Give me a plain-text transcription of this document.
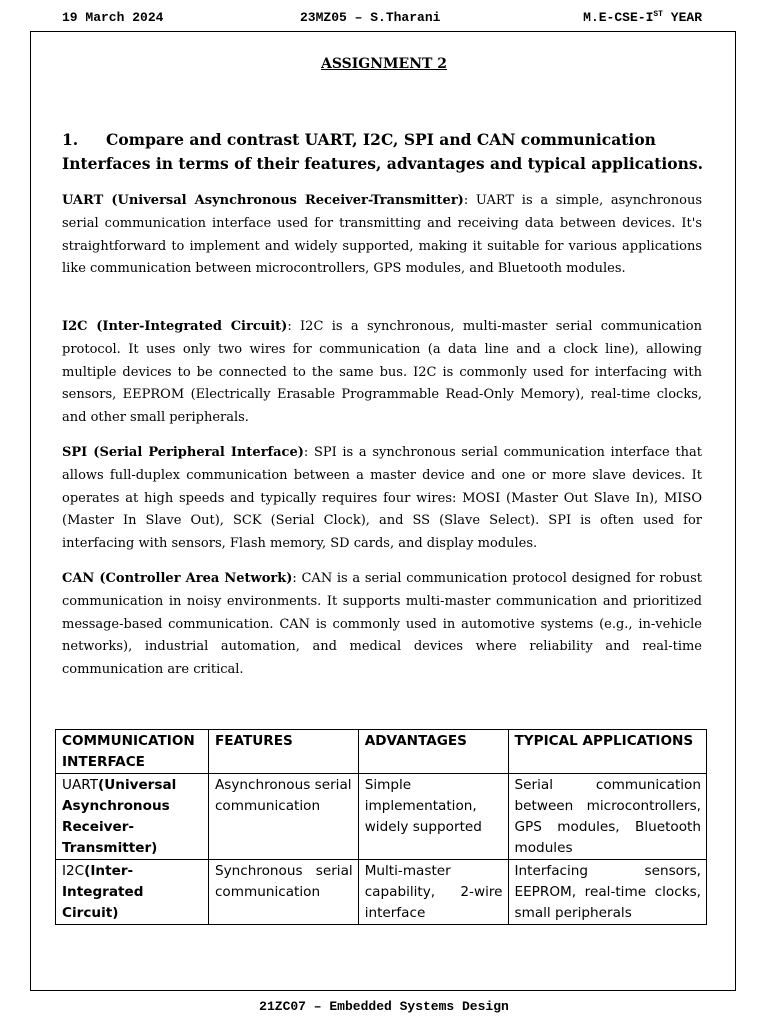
19 March 2024	23MZ05 – S.Tharani	M.E-CSE-IST YEAR
ASSIGNMENT 2
1. Compare and contrast UART, I2C, SPI and CAN communication Interfaces in terms of their features, advantages and typical applications.

UART (Universal Asynchronous Receiver-Transmitter): UART is a simple, asynchronous serial communication interface used for transmitting and receiving data between devices. It's straightforward to implement and widely supported, making it suitable for various applications like communication between microcontrollers, GPS modules, and Bluetooth modules.

I2C (Inter-Integrated Circuit): I2C is a synchronous, multi-master serial communication protocol. It uses only two wires for communication (a data line and a clock line), allowing multiple devices to be connected to the same bus. I2C is commonly used for interfacing with sensors, EEPROM (Electrically Erasable Programmable Read-Only Memory), real-time clocks, and other small peripherals.

SPI (Serial Peripheral Interface): SPI is a synchronous serial communication interface that allows full-duplex communication between a master device and one or more slave devices. It operates at high speeds and typically requires four wires: MOSI (Master Out Slave In), MISO (Master In Slave Out), SCK (Serial Clock), and SS (Slave Select). SPI is often used for interfacing with sensors, Flash memory, SD cards, and display modules.

CAN (Controller Area Network): CAN is a serial communication protocol designed for robust communication in noisy environments. It supports multi-master communication and prioritized message-based communication. CAN is commonly used in automotive systems (e.g., in-vehicle networks), industrial automation, and medical devices where reliability and real-time communication are critical.

COMMUNICATION INTERFACE	FEATURES	ADVANTAGES	TYPICAL APPLICATIONS
UART(Universal Asynchronous Receiver-Transmitter)	Asynchronous serial communication	Simple implementation, widely supported	Serial communication between microcontrollers, GPS modules, Bluetooth modules
I2C(Inter-Integrated Circuit)	Synchronous serial communication	Multi-master capability, 2-wire interface	Interfacing sensors, EEPROM, real-time clocks, small peripherals
21ZC07 – Embedded Systems Design
